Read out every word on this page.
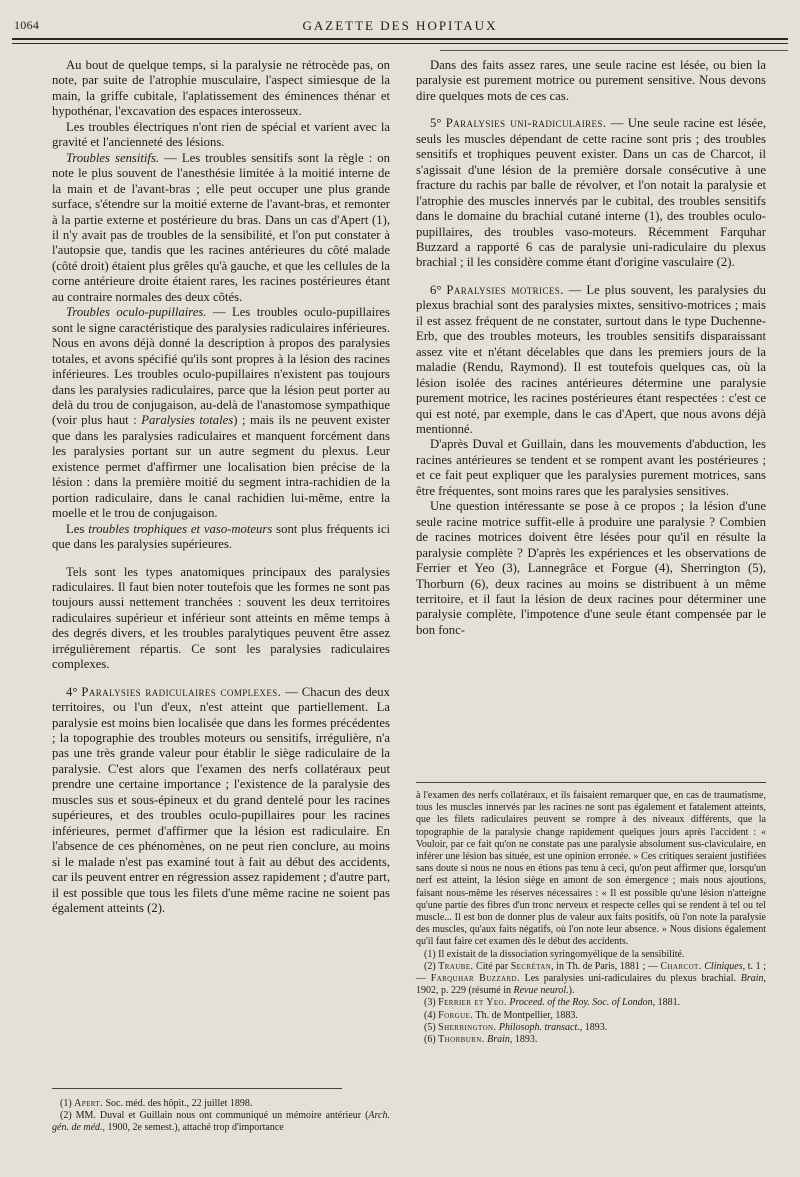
1064	GAZETTE DES HOPITAUX

Au bout de quelque temps, si la paralysie ne rétrocède pas, on note, par suite de l'atrophie musculaire, l'aspect simiesque de la main, la griffe cubitale, l'aplatissement des éminences thénar et hypothénar, l'excavation des espaces interosseux.

Les troubles électriques n'ont rien de spécial et varient avec la gravité et l'ancienneté des lésions.

Troubles sensitifs. — Les troubles sensitifs sont la règle : on note le plus souvent de l'anesthésie limitée à la moitié interne de la main et de l'avant-bras ; elle peut occuper une plus grande surface, s'étendre sur la moitié externe de l'avant-bras, et remonter à la partie externe et postérieure du bras. Dans un cas d'Apert (1), il n'y avait pas de troubles de la sensibilité, et l'on put constater à l'autopsie que, tandis que les racines antérieures du côté malade (côté droit) étaient plus grêles qu'à gauche, et que les cellules de la corne antérieure droite étaient rares, les racines postérieures étant au contraire normales des deux côtés.

Troubles oculo-pupillaires. — Les troubles oculo-pupillaires sont le signe caractéristique des paralysies radiculaires inférieures. Nous en avons déjà donné la description à propos des paralysies totales, et avons spécifié qu'ils sont propres à la lésion des racines inférieures. Les troubles oculo-pupillaires n'existent pas toujours dans les paralysies radiculaires, parce que la lésion peut porter au delà du trou de conjugaison, au-delà de l'anastomose sympathique (voir plus haut : Paralysies totales) ; mais ils ne peuvent exister que dans les paralysies radiculaires et manquent forcément dans les paralysies portant sur un autre segment du plexus. Leur existence permet d'affirmer une localisation bien précise de la lésion : dans la première moitié du segment intra-rachidien de la portion radiculaire, dans le canal rachidien lui-même, entre la moelle et le trou de conjugaison.

Les troubles trophiques et vaso-moteurs sont plus fréquents ici que dans les paralysies supérieures.

Tels sont les types anatomiques principaux des paralysies radiculaires. Il faut bien noter toutefois que les formes ne sont pas toujours aussi nettement tranchées : souvent les deux territoires radiculaires supérieur et inférieur sont atteints en même temps à des degrés divers, et les troubles paralytiques peuvent être assez irrégulièrement répartis. Ce sont les paralysies radiculaires complexes.

4° Paralysies radiculaires complexes. — Chacun des deux territoires, ou l'un d'eux, n'est atteint que partiellement. La paralysie est moins bien localisée que dans les formes précédentes ; la topographie des troubles moteurs ou sensitifs, irrégulière, n'a pas une très grande valeur pour établir le siège radiculaire de la paralysie. C'est alors que l'examen des nerfs collatéraux peut prendre une certaine importance ; l'existence de la paralysie des muscles sus et sous-épineux et du grand dentelé pour les racines supérieures, et des troubles oculo-pupillaires pour les racines inférieures, permet d'affirmer que la lésion est radiculaire. En l'absence de ces phénomènes, on ne peut rien conclure, au moins si le malade n'est pas examiné tout à fait au début des accidents, car ils peuvent entrer en régression assez rapidement ; d'autre part, il est possible que tous les filets d'une même racine ne soient pas également atteints (2).

Dans des faits assez rares, une seule racine est lésée, ou bien la paralysie est purement motrice ou purement sensitive. Nous devons dire quelques mots de ces cas.

5° Paralysies uni-radiculaires. — Une seule racine est lésée, seuls les muscles dépendant de cette racine sont pris ; des troubles sensitifs et trophiques peuvent exister. Dans un cas de Charcot, il s'agissait d'une lésion de la première dorsale consécutive à une fracture du rachis par balle de révolver, et l'on notait la paralysie et l'atrophie des muscles innervés par le cubital, des troubles sensitifs dans le domaine du brachial cutané interne (1), des troubles oculo-pupillaires, des troubles vaso-moteurs. Récemment Farquhar Buzzard a rapporté 6 cas de paralysie uni-radiculaire du plexus brachial ; il les considère comme étant d'origine vasculaire (2).

6° Paralysies motrices. — Le plus souvent, les paralysies du plexus brachial sont des paralysies mixtes, sensitivo-motrices ; mais il est assez fréquent de ne constater, surtout dans le type Duchenne-Erb, que des troubles moteurs, les troubles sensitifs disparaissant assez vite et n'étant décelables que dans les premiers jours de la maladie (Rendu, Raymond). Il est toutefois quelques cas, où la lésion isolée des racines antérieures détermine une paralysie purement motrice, les racines postérieures étant respectées : c'est ce qui est noté, par exemple, dans le cas d'Apert, que nous avons déjà mentionné.

D'après Duval et Guillain, dans les mouvements d'abduction, les racines antérieures se tendent et se rompent avant les postérieures ; et ce fait peut expliquer que les paralysies purement motrices, sans être fréquentes, sont moins rares que les paralysies sensitives.

Une question intéressante se pose à ce propos ; la lésion d'une seule racine motrice suffit-elle à produire une paralysie ? Combien de racines motrices doivent être lésées pour qu'il en résulte la paralysie complète ? D'après les expériences et les observations de Ferrier et Yeo (3), Lannegrâce et Forgue (4), Sherrington (5), Thorburn (6), deux racines au moins se distribuent à un même territoire, et il faut la lésion de deux racines pour déterminer une paralysie complète, l'impotence d'une seule étant compensée par le bon fonc-

à l'examen des nerfs collatéraux, et ils faisaient remarquer que, en cas de traumatisme, tous les muscles innervés par les racines ne sont pas également et fatalement atteints, que les filets radiculaires peuvent se rompre à des niveaux différents, que la topographie de la paralysie change rapidement quelques jours après l'accident : « Vouloir, par ce fait qu'on ne constate pas une paralysie absolument sus-claviculaire, en inférer une lésion bas située, est une opinion erronée. » Ces critiques seraient justifiées sans doute si nous ne nous en étions pas tenu à ceci, qu'on peut affirmer que, lorsqu'un nerf est atteint, la lésion siège en amont de son émergence ; mais nous ajoutions, faisant nous-même les réserves nécessaires : « Il est possible qu'une lésion n'atteigne qu'une partie des fibres d'un tronc nerveux et respecte celles qui se rendent à tel ou tel muscle... Il est bon de donner plus de valeur aux faits positifs, où l'on note la paralysie des muscles, qu'aux faits négatifs, où l'on note leur absence. » Nous disions également qu'il faut faire cet examen dès le début des accidents.

(1) Il existait de la dissociation syringomyélique de la sensibilité.

(2) Traube. Cité par Secrétan, in Th. de Paris, 1881 ; — Charcot. Cliniques, t. 1 ; — Farquhar Buzzard. Les paralysies uni-radiculaires du plexus brachial. Brain, 1902, p. 229 (résumé in Revue neurol.).

(3) Ferrier et Yeo. Proceed. of the Roy. Soc. of London, 1881.

(4) Forgue. Th. de Montpellier, 1883.

(5) Sherrington. Philosoph. transact., 1893.

(6) Thorburn. Brain, 1893.

(1) Apert. Soc. méd. des hôpit., 22 juillet 1898.

(2) MM. Duval et Guillain nous ont communiqué un mémoire antérieur (Arch. gén. de méd., 1900, 2e semest.), attaché trop d'importance
